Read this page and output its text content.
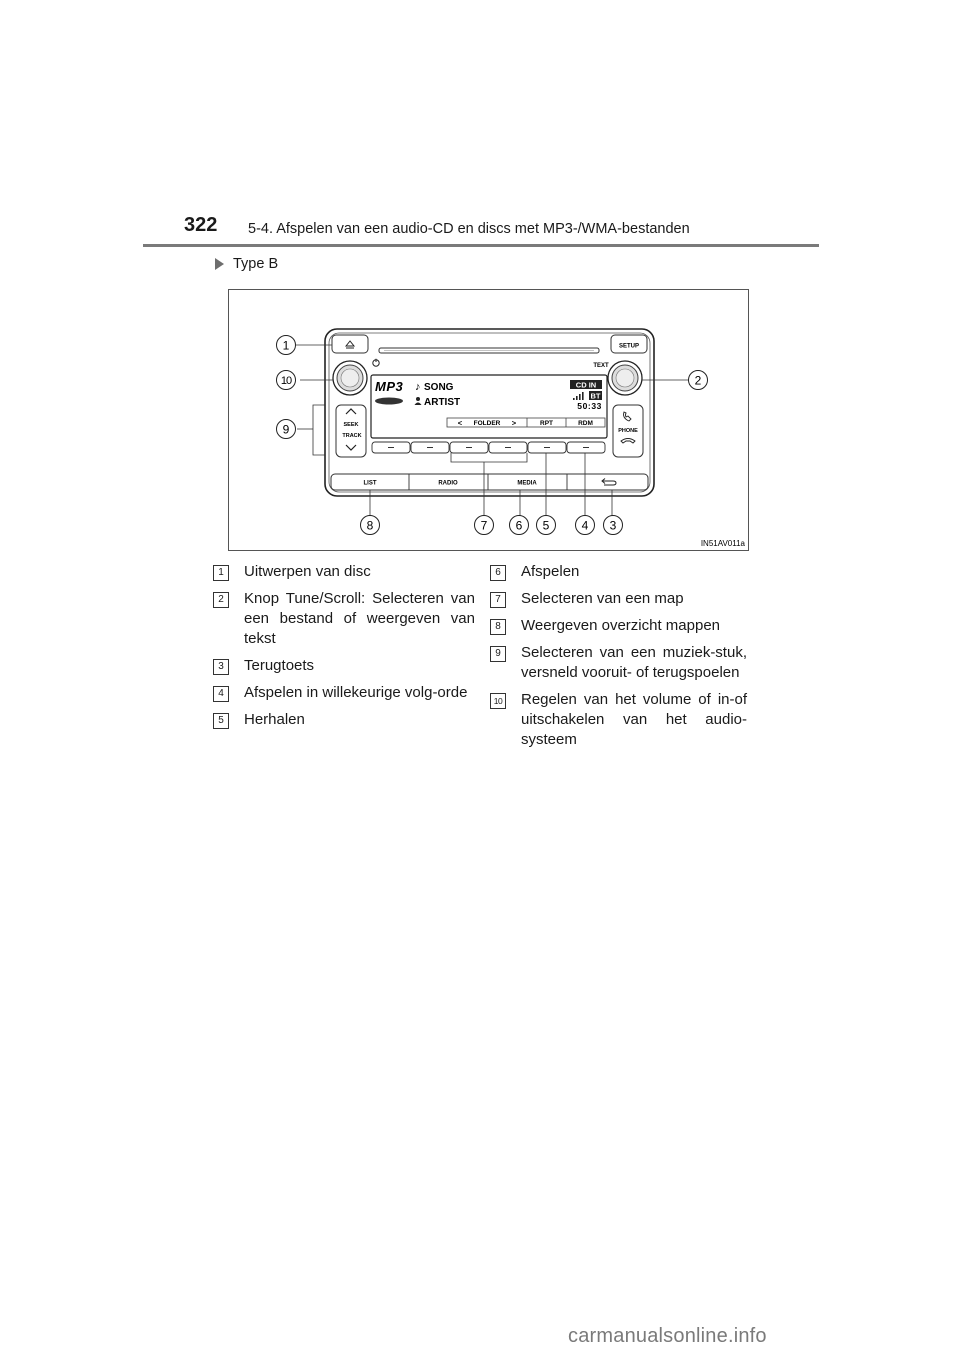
322 5-4. Afspelen van een audio-CD en discs met MP3-/WMA-bestanden
Type B
SETUP
TEXT
MP3 ♪ SONG
ARTIST
CD IN
BT
50:33
< FOLDER >	RPT	RDM
SEEK
TRACK
PHONE
LIST	RADIO	MEDIA
1
10	2
9
8	7 6 5	4 3
IN51AV011a
1	Uitwerpen van disc
2	Knop Tune/Scroll: Selecteren van een bestand of weergeven van tekst
3	Terugtoets
4	Afspelen in willekeurige volg-orde
5	Herhalen
6	Afspelen
7	Selecteren van een map
8	Weergeven overzicht mappen
9	Selecteren van een muziek-stuk, versneld vooruit- of terugspoelen
10 Regelen van het volume of in-of uitschakelen van het audio-systeem
carmanualsonline.info
